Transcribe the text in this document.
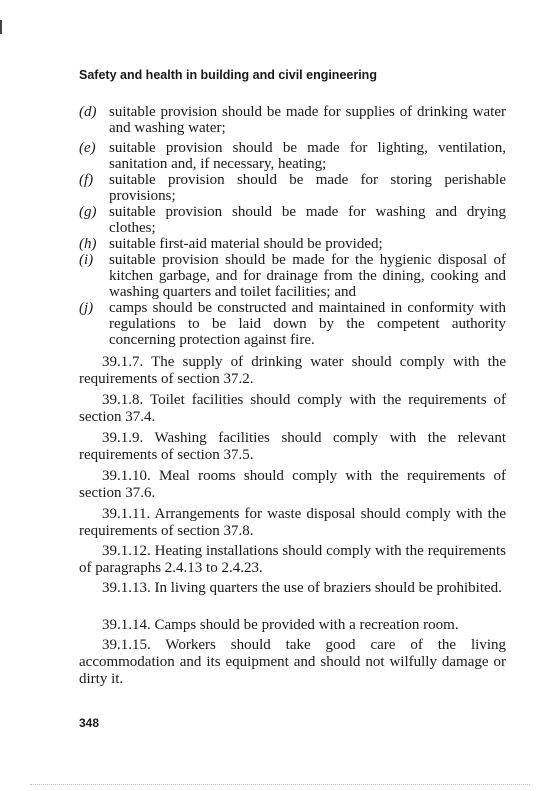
Safety and health in building and civil engineering
(d) suitable provision should be made for supplies of drinking water and washing water;
(e) suitable provision should be made for lighting, ventilation, sanitation and, if necessary, heating;
(f)	suitable provision should be made for storing perishable provisions;
(g) suitable provision should be made for washing and drying clothes;
(h) suitable first-aid material should be provided;
(i)	suitable provision should be made for the hygienic disposal of kitchen garbage, and for drainage from the dining, cooking and washing quarters and toilet facilities; and
(j)	camps should be constructed and maintained in conformity with regulations to be laid down by the competent authority concerning protection against fire.
39.1.7. The supply of drinking water should comply with the requirements of section 37.2.
39.1.8. Toilet facilities should comply with the requirements of section 37.4.
39.1.9. Washing facilities should comply with the relevant requirements of section 37.5.
39.1.10. Meal rooms should comply with the requirements of section 37.6.
39.1.11. Arrangements for waste disposal should comply with the requirements of section 37.8.
39.1.12. Heating installations should comply with the requirements of paragraphs 2.4.13 to 2.4.23.
39.1.13. In living quarters the use of braziers should be prohibited.
39.1.14. Camps should be provided with a recreation room.
39.1.15. Workers should take good care of the living accommodation and its equipment and should not wilfully damage or dirty it.
348
